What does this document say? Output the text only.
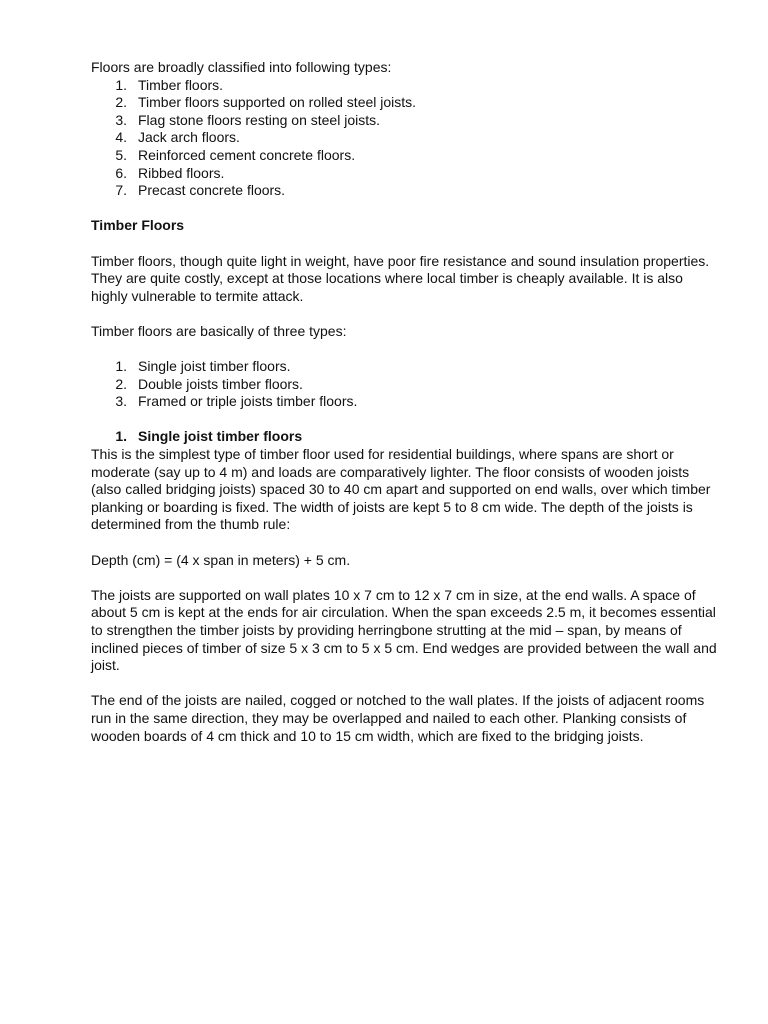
Floors are broadly classified into following types:

1. Timber floors.
2. Timber floors supported on rolled steel joists.
3. Flag stone floors resting on steel joists.
4. Jack arch floors.
5. Reinforced cement concrete floors.
6. Ribbed floors.
7. Precast concrete floors.

Timber Floors

Timber floors, though quite light in weight, have poor fire resistance and sound insulation properties. They are quite costly, except at those locations where local timber is cheaply available. It is also highly vulnerable to termite attack.

Timber floors are basically of three types:

1. Single joist timber floors.
2. Double joists timber floors.
3. Framed or triple joists timber floors.
1. Single joist timber floors

This is the simplest type of timber floor used for residential buildings, where spans are short or moderate (say up to 4 m) and loads are comparatively lighter. The floor consists of wooden joists (also called bridging joists) spaced 30 to 40 cm apart and supported on end walls, over which timber planking or boarding is fixed. The width of joists are kept 5 to 8 cm wide. The depth of the joists is determined from the thumb rule:

Depth (cm) = (4 x span in meters) + 5 cm.

The joists are supported on wall plates 10 x 7 cm to 12 x 7 cm in size, at the end walls. A space of about 5 cm is kept at the ends for air circulation. When the span exceeds 2.5 m, it becomes essential to strengthen the timber joists by providing herringbone strutting at the mid – span, by means of inclined pieces of timber of size 5 x 3 cm to 5 x 5 cm. End wedges are provided between the wall and joist.

The end of the joists are nailed, cogged or notched to the wall plates. If the joists of adjacent rooms run in the same direction, they may be overlapped and nailed to each other. Planking consists of wooden boards of 4 cm thick and 10 to 15 cm width, which are fixed to the bridging joists.
